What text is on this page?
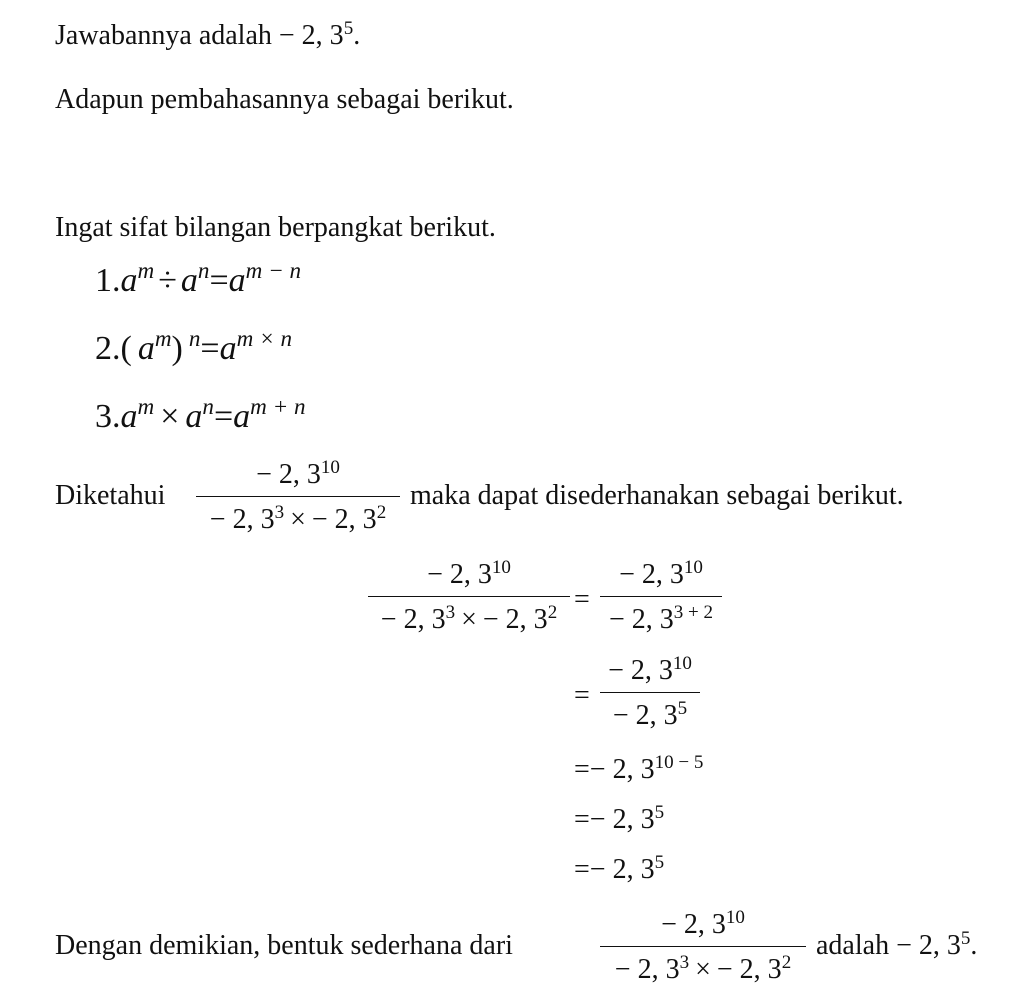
Jawabannya adalah − 2, $3^5$.
Adapun pembahasannya sebagai berikut.
Ingat sifat bilangan berpangkat berikut.
$1.a^m \div a^n=a^{m - n}$
2.( $a^m$) $^n=a^{m \times n}$
$3.a^m \times a^n=a^{m + n}$
Diketahui
− 2, $3^{10}$
− 2, $3^3$ × − 2, $3^2$
maka dapat disederhanakan sebagai berikut.
− 2, $3^{10}$
− 2, $3^3$ × − 2, $3^2$ =
− 2, $3^{10}$
− 2, $3^{3 + 2}$
=
− 2, $3^{10}$
− 2, $3^5$
=− 2, $3^{10 - 5}$
=− 2, $3^5$
=− 2, $3^5$
Dengan demikian, bentuk sederhana dari
− 2, $3^{10}$
− 2, $3^3$ × − 2, $3^2$
adalah − 2, $3^5$.
